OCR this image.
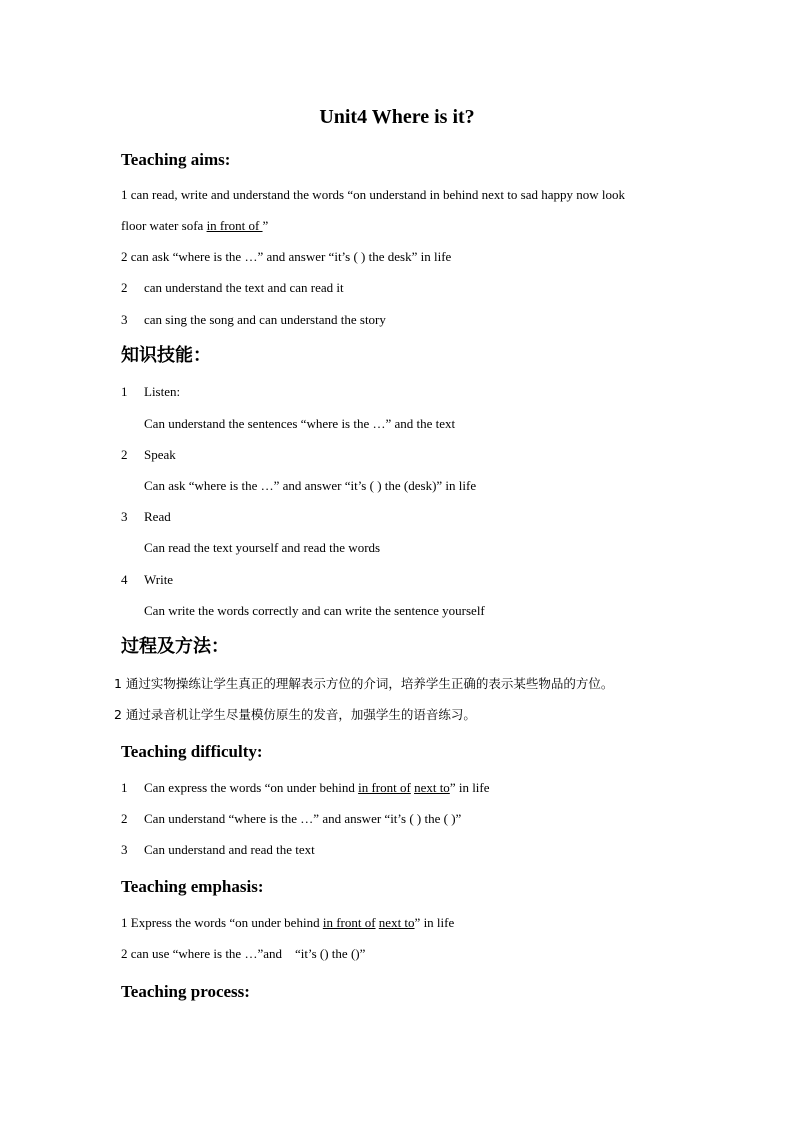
Unit4 Where is it?
Teaching aims:
1 can read, write and understand the words “on understand in behind next to sad happy now look
floor water sofa in front of ”
2 can ask “where is the …” and answer “it’s ( ) the desk” in life
2 can understand the text and can read it
3 can sing the song and can understand the story
知识技能：
1 Listen:
Can understand the sentences “where is the …” and the text
2 Speak
Can ask “where is the …” and answer “it’s ( ) the (desk)” in life
3 Read
Can read the text yourself and read the words
4 Write
Can write the words correctly and can write the sentence yourself
过程及方法：
1 通过实物操练让学生真正的理解表示方位的介词，培养学生正确的表示某些物品的方位。
2 通过录音机让学生尽量模仿原生的发音，加强学生的语音练习。
Teaching difficulty:
1 Can express the words “on under behind in front of next to” in life
2 Can understand “where is the …” and answer “it’s ( ) the ( )”
3 Can understand and read the text
Teaching emphasis:
1 Express the words “on under behind in front of next to” in life
2 can use “where is the …”and    “it’s () the ()”
Teaching process:
